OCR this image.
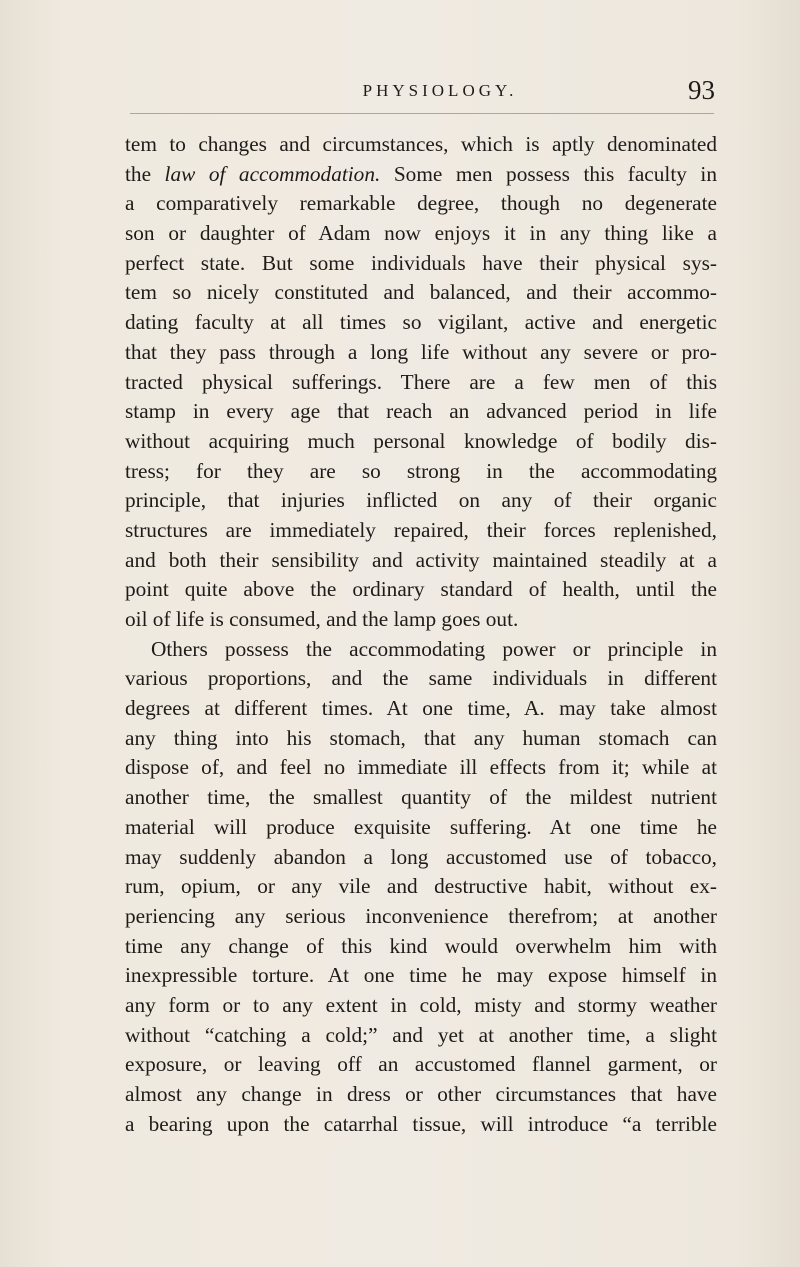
PHYSIOLOGY.	93
tem to changes and circumstances, which is aptly denominated
the law of accommodation. Some men possess this faculty in
a comparatively remarkable degree, though no degenerate
son or daughter of Adam now enjoys it in any thing like a
perfect state. But some individuals have their physical sys-
tem so nicely constituted and balanced, and their accommo-
dating faculty at all times so vigilant, active and energetic
that they pass through a long life without any severe or pro-
tracted physical sufferings. There are a few men of this
stamp in every age that reach an advanced period in life
without acquiring much personal knowledge of bodily dis-
tress; for they are so strong in the accommodating
principle, that injuries inflicted on any of their organic
structures are immediately repaired, their forces replenished,
and both their sensibility and activity maintained steadily at a
point quite above the ordinary standard of health, until the
oil of life is consumed, and the lamp goes out.
Others possess the accommodating power or principle in
various proportions, and the same individuals in different
degrees at different times. At one time, A. may take almost
any thing into his stomach, that any human stomach can
dispose of, and feel no immediate ill effects from it; while at
another time, the smallest quantity of the mildest nutrient
material will produce exquisite suffering. At one time he
may suddenly abandon a long accustomed use of tobacco,
rum, opium, or any vile and destructive habit, without ex-
periencing any serious inconvenience therefrom; at another
time any change of this kind would overwhelm him with
inexpressible torture. At one time he may expose himself in
any form or to any extent in cold, misty and stormy weather
without “catching a cold;” and yet at another time, a slight
exposure, or leaving off an accustomed flannel garment, or
almost any change in dress or other circumstances that have
a bearing upon the catarrhal tissue, will introduce “a terrible
